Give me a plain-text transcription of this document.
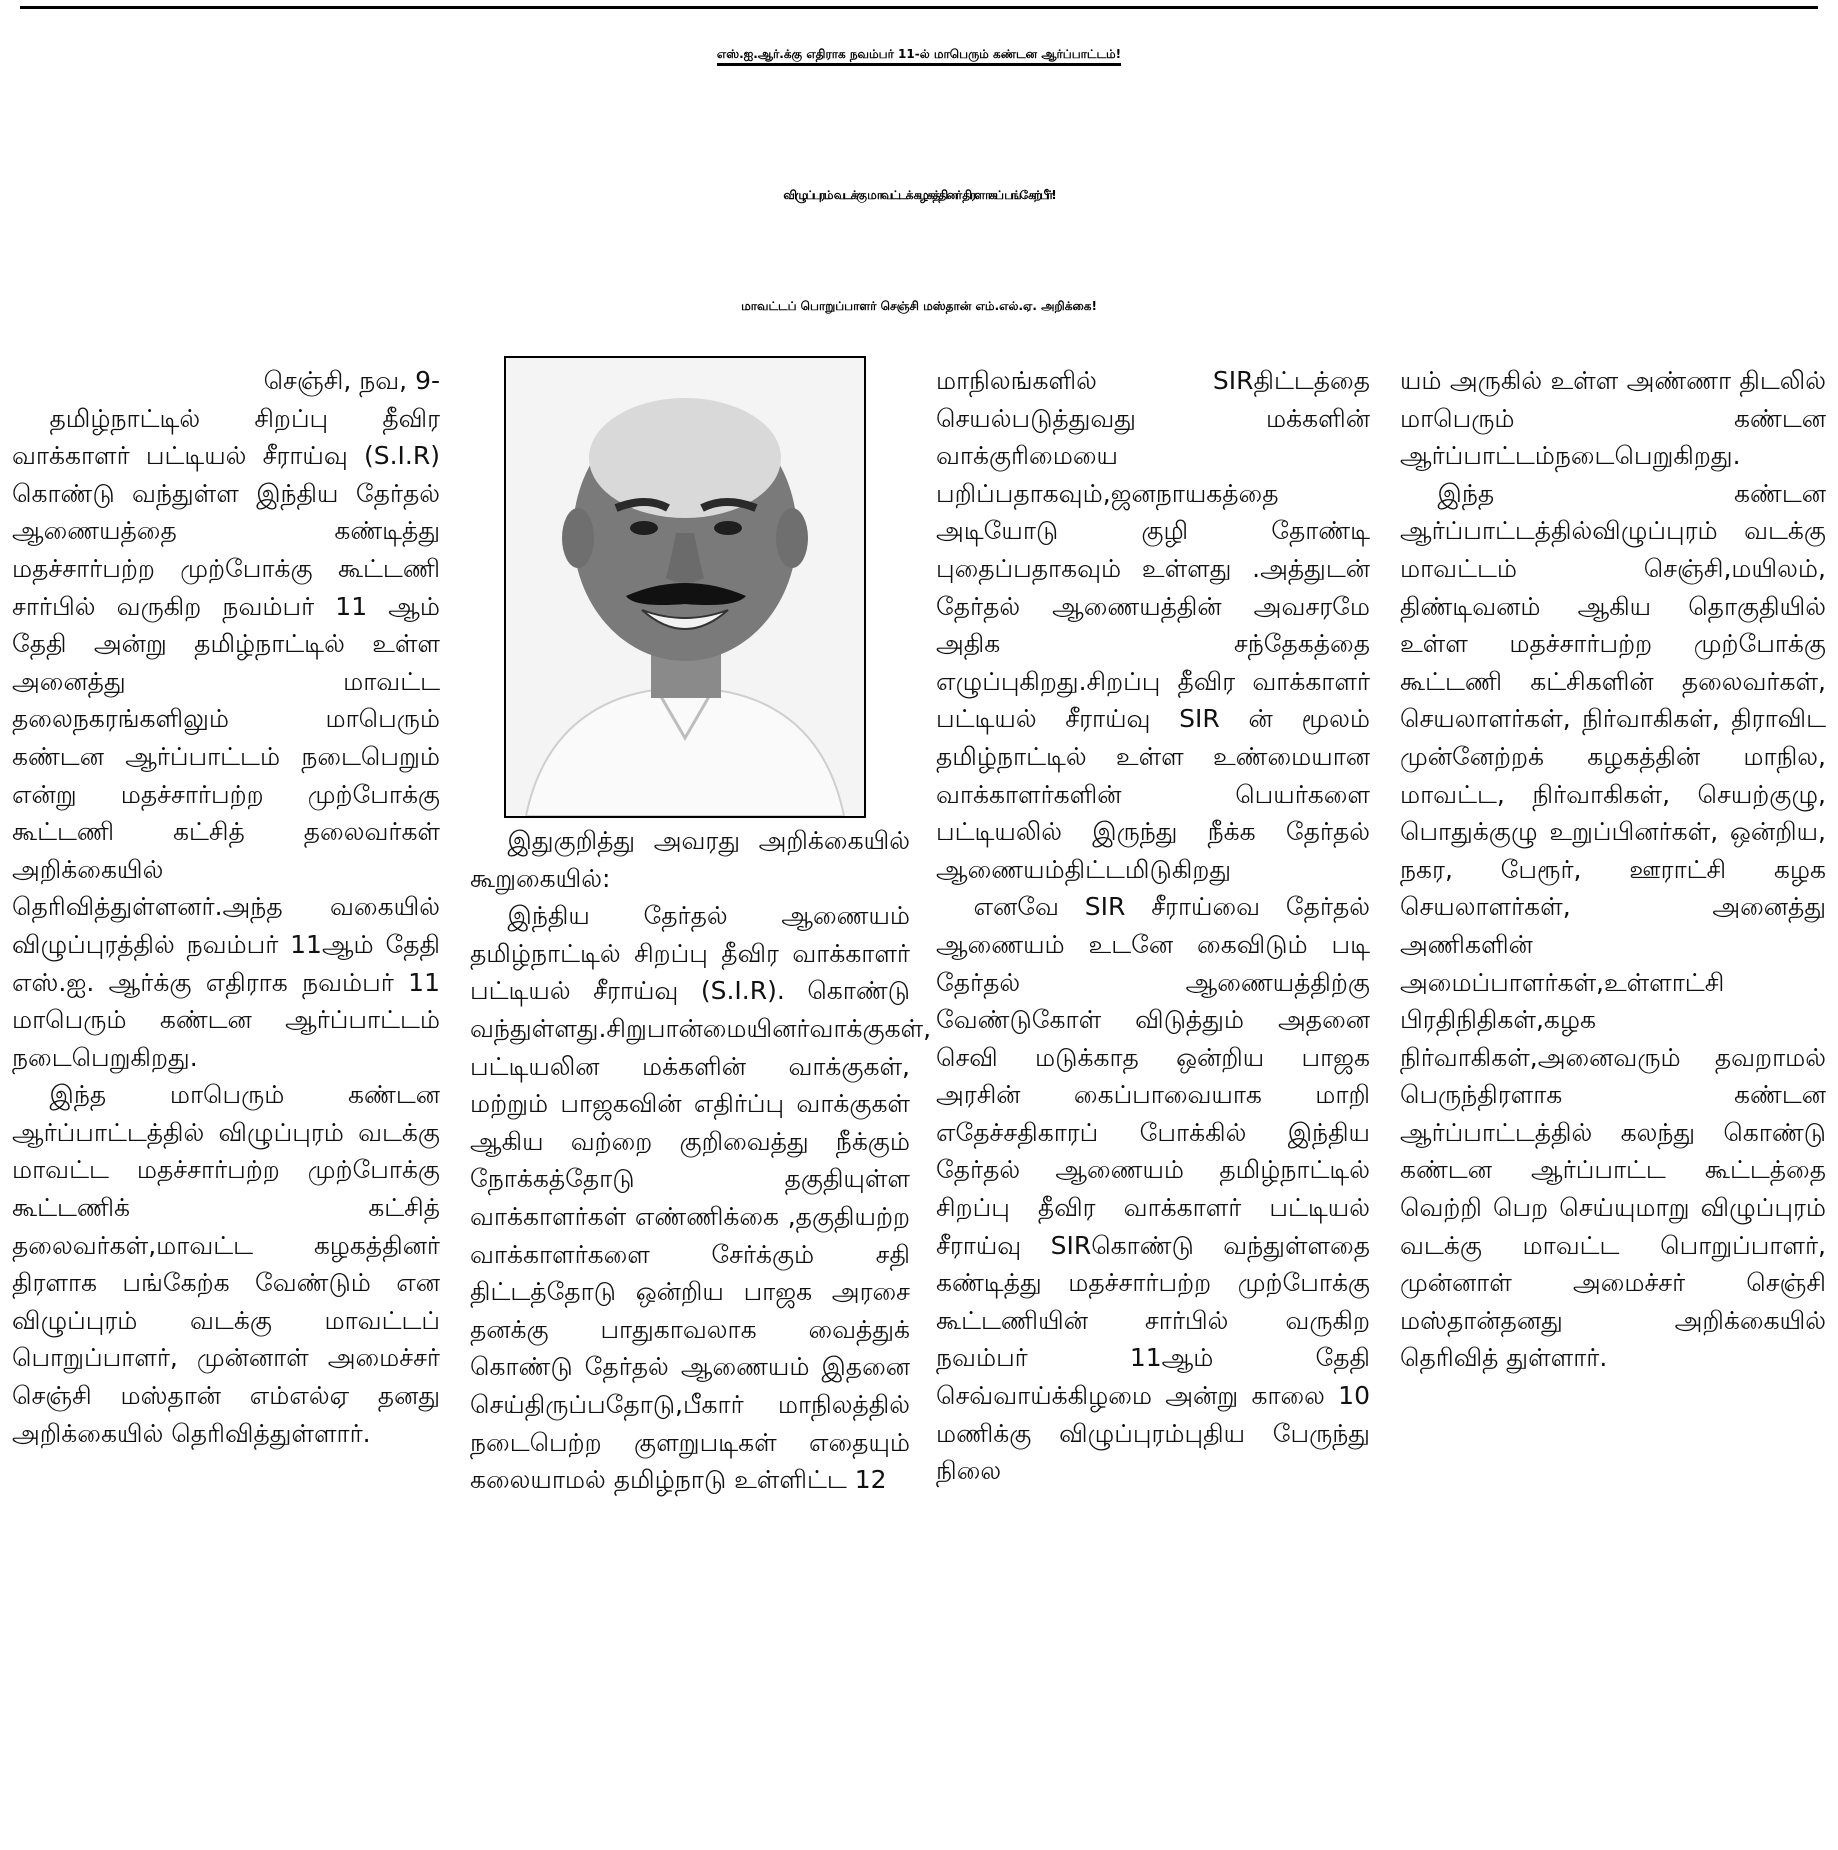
எஸ்.ஐ.ஆர்.க்கு எதிராக நவம்பர் 11-ல் மாபெரும் கண்டன ஆர்ப்பாட்டம்!
விழுப்புரம் வடக்கு மாவட்டக் கழகத்தினர் திரளாகப் பங்கேற்பீர்!
மாவட்டப் பொறுப்பாளர் செஞ்சி மஸ்தான் எம்.எல்.ஏ. அறிக்கை!

செஞ்சி, நவ, 9-

தமிழ்நாட்டில் சிறப்பு தீவிர வாக்காளர் பட்டியல் சீராய்வு (S.I.R) கொண்டு வந்துள்ள இந்திய தேர்தல் ஆணையத்தை கண்டித்து மதச்சார்பற்ற முற்போக்கு கூட்டணி சார்பில் வருகிற நவம்பர் 11 ஆம் தேதி அன்று தமிழ்நாட்டில் உள்ள அனைத்து மாவட்ட தலைநகரங்களிலும் மாபெரும் கண்டன ஆர்ப்பாட்டம் நடைபெறும் என்று மதச்சார்பற்ற முற்போக்கு கூட்டணி கட்சித் தலைவர்கள் அறிக்கையில் தெரிவித்துள்ளனர்.அந்த வகையில் விழுப்புரத்தில் நவம்பர் 11ஆம் தேதி எஸ்.ஐ. ஆர்க்கு எதிராக நவம்பர் 11 மாபெரும் கண்டன ஆர்ப்பாட்டம் நடைபெறுகிறது.

இந்த மாபெரும் கண்டன ஆர்ப்பாட்டத்தில் விழுப்புரம் வடக்கு மாவட்ட மதச்சார்பற்ற முற்போக்கு கூட்டணிக் கட்சித் தலைவர்கள்,மாவட்ட கழகத்தினர் திரளாக பங்கேற்க வேண்டும் என விழுப்புரம் வடக்கு மாவட்டப் பொறுப்பாளர், முன்னாள் அமைச்சர் செஞ்சி மஸ்தான் எம்எல்ஏ தனது அறிக்கையில் தெரிவித்துள்ளார்.

இதுகுறித்து அவரது அறிக்கையில் கூறுகையில்:

இந்திய தேர்தல் ஆணையம் தமிழ்நாட்டில் சிறப்பு தீவிர வாக்காளர் பட்டியல் சீராய்வு (S.I.R). கொண்டு வந்துள்ளது.சிறுபான்மையினர்வாக்குகள், பட்டியலின மக்களின் வாக்குகள், மற்றும் பாஜகவின் எதிர்ப்பு வாக்குகள் ஆகிய வற்றை குறிவைத்து நீக்கும் நோக்கத்தோடு தகுதியுள்ள வாக்காளர்கள் எண்ணிக்கை ,தகுதியற்ற வாக்காளர்களை சேர்க்கும் சதி திட்டத்தோடு ஒன்றிய பாஜக அரசை தனக்கு பாதுகாவலாக வைத்துக் கொண்டு தேர்தல் ஆணையம் இதனை செய்திருப்பதோடு,பீகார் மாநிலத்தில் நடைபெற்ற குளறுபடிகள் எதையும் கலையாமல் தமிழ்நாடு உள்ளிட்ட 12

மாநிலங்களில் SIRதிட்டத்தை செயல்படுத்துவது மக்களின் வாக்குரிமையை பறிப்பதாகவும்,ஜனநாயகத்தை அடியோடு குழி தோண்டி புதைப்பதாகவும் உள்ளது .அத்துடன் தேர்தல் ஆணையத்தின் அவசரமே அதிக சந்தேகத்தை எழுப்புகிறது.சிறப்பு தீவிர வாக்காளர் பட்டியல் சீராய்வு SIR ன் மூலம் தமிழ்நாட்டில் உள்ள உண்மையான வாக்காளர்களின் பெயர்களை பட்டியலில் இருந்து நீக்க தேர்தல் ஆணையம்திட்டமிடுகிறது

எனவே SIR சீராய்வை தேர்தல் ஆணையம் உடனே கைவிடும் படி தேர்தல் ஆணையத்திற்கு வேண்டுகோள் விடுத்தும் அதனை செவி மடுக்காத ஒன்றிய பாஜக அரசின் கைப்பாவையாக மாறி எதேச்சதிகாரப் போக்கில் இந்திய தேர்தல் ஆணையம் தமிழ்நாட்டில் சிறப்பு தீவிர வாக்காளர் பட்டியல் சீராய்வு SIRகொண்டு வந்துள்ளதை கண்டித்து மதச்சார்பற்ற முற்போக்கு கூட்டணியின் சார்பில் வருகிற நவம்பர் 11ஆம் தேதி செவ்வாய்க்கிழமை அன்று காலை 10 மணிக்கு விழுப்புரம்புதிய பேருந்து நிலை

யம் அருகில் உள்ள அண்ணா திடலில் மாபெரும் கண்டன ஆர்ப்பாட்டம்நடைபெறுகிறது.

இந்த கண்டன ஆர்ப்பாட்டத்தில்விழுப்புரம் வடக்கு மாவட்டம் செஞ்சி,மயிலம், திண்டிவனம் ஆகிய தொகுதியில் உள்ள மதச்சார்பற்ற முற்போக்கு கூட்டணி கட்சிகளின் தலைவர்கள், செயலாளர்கள், நிர்வாகிகள், திராவிட முன்னேற்றக் கழகத்தின் மாநில, மாவட்ட, நிர்வாகிகள், செயற்குழு, பொதுக்குழு உறுப்பினர்கள், ஒன்றிய, நகர, பேரூர், ஊராட்சி கழக செயலாளர்கள், அனைத்து அணிகளின் அமைப்பாளர்கள்,உள்ளாட்சி பிரதிநிதிகள்,கழக நிர்வாகிகள்,அனைவரும் தவறாமல் பெருந்திரளாக கண்டன ஆர்ப்பாட்டத்தில் கலந்து கொண்டு கண்டன ஆர்ப்பாட்ட கூட்டத்தை வெற்றி பெற செய்யுமாறு விழுப்புரம் வடக்கு மாவட்ட பொறுப்பாளர், முன்னாள் அமைச்சர் செஞ்சி மஸ்தான்தனது அறிக்கையில் தெரிவித் துள்ளார்.
